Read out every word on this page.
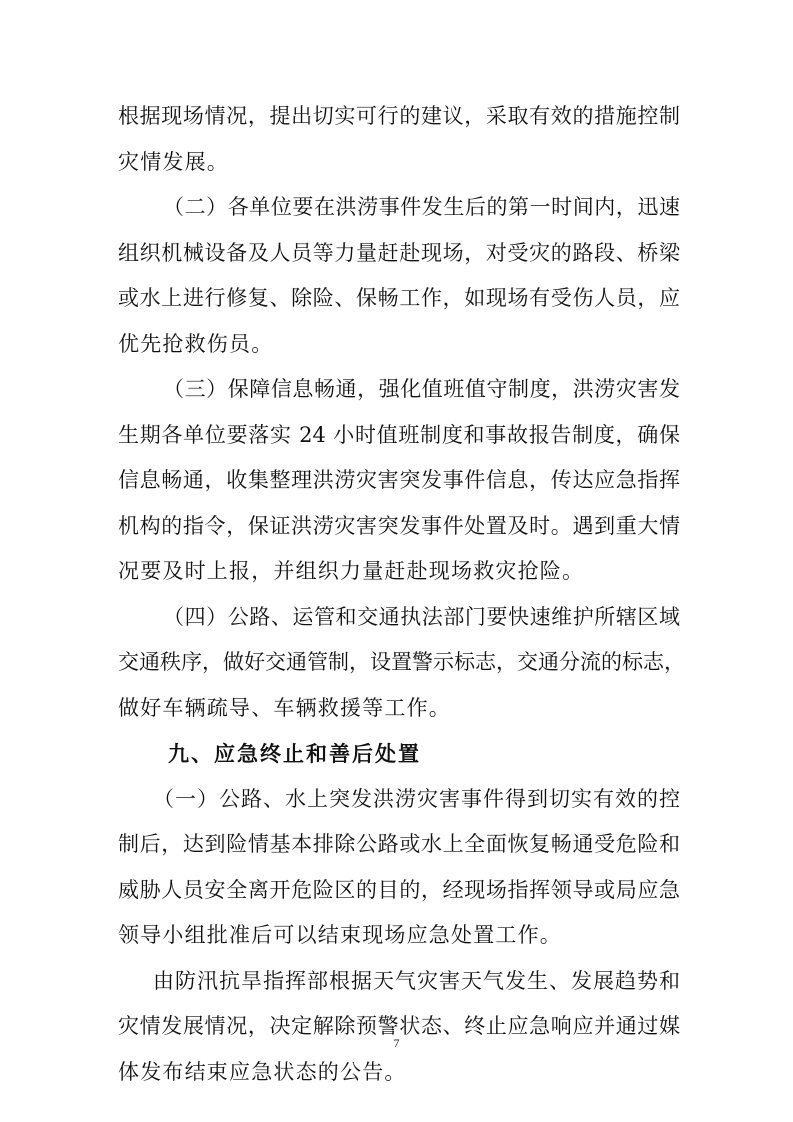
根据现场情况，提出切实可行的建议，采取有效的措施控制
灾情发展。
（二）各单位要在洪涝事件发生后的第一时间内，迅速
组织机械设备及人员等力量赶赴现场，对受灾的路段、桥梁
或水上进行修复、除险、保畅工作，如现场有受伤人员，应
优先抢救伤员。
（三）保障信息畅通，强化值班值守制度，洪涝灾害发
生期各单位要落实 24 小时值班制度和事故报告制度，确保
信息畅通，收集整理洪涝灾害突发事件信息，传达应急指挥
机构的指令，保证洪涝灾害突发事件处置及时。遇到重大情
况要及时上报，并组织力量赶赴现场救灾抢险。
（四）公路、运管和交通执法部门要快速维护所辖区域
交通秩序，做好交通管制，设置警示标志，交通分流的标志，
做好车辆疏导、车辆救援等工作。
九、应急终止和善后处置
（一）公路、水上突发洪涝灾害事件得到切实有效的控
制后，达到险情基本排除公路或水上全面恢复畅通受危险和
威胁人员安全离开危险区的目的，经现场指挥领导或局应急
领导小组批准后可以结束现场应急处置工作。
由防汛抗旱指挥部根据天气灾害天气发生、发展趋势和
灾情发展情况，决定解除预警状态、终止应急响应并通过媒
体发布结束应急状态的公告。
7
